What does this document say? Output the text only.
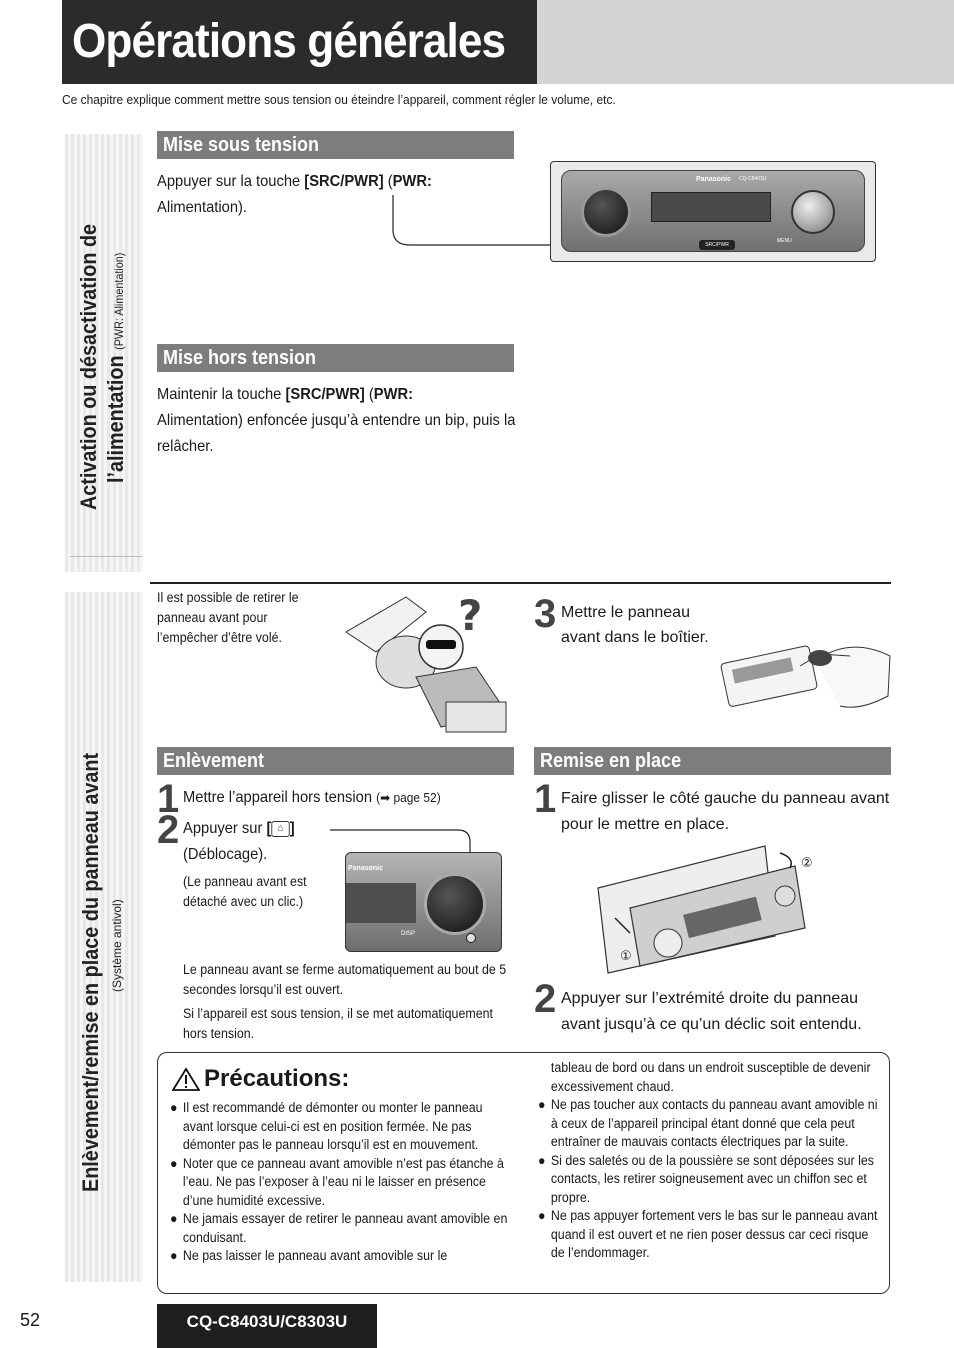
Opérations générales
Ce chapitre explique comment mettre sous tension ou éteindre l’appareil, comment régler le volume, etc.
Activation ou désactivation de l’alimentation (PWR: Alimentation)
Mise sous tension
Appuyer sur la touche [SRC/PWR] (PWR:
Alimentation).
Panasonic CQ-C8403U
SRC/PWR
MENU
Mise hors tension
Maintenir la touche [SRC/PWR] (PWR:
Alimentation) enfoncée jusqu’à entendre un bip, puis la relâcher.
Enlèvement/remise en place du panneau avant (Système antivol)
Il est possible de retirer le panneau avant pour l’empêcher d’être volé.	? 3 Mettre le panneau avant dans le boîtier.
Enlèvement
1 Mettre l’appareil hors tension (➡ page 52)
2 Appuyer sur [ ⌂ ]
(Déblocage).
(Le panneau avant est détaché avec un clic.)
Panasonic
DISP
Le panneau avant se ferme automatiquement au bout de 5 secondes lorsqu’il est ouvert.
Si l’appareil est sous tension, il se met automatiquement hors tension.
Remise en place
1 Faire glisser le côté gauche du panneau avant pour le mettre en place.
②
①
2 Appuyer sur l’extrémité droite du panneau avant jusqu’à ce qu’un déclic soit entendu.
Précautions:
● Il est recommandé de démonter ou monter le panneau avant lorsque celui-ci est en position fermée. Ne pas démonter pas le panneau lorsqu’il est en mouvement.
● Noter que ce panneau avant amovible n’est pas étanche à l’eau. Ne pas l’exposer à l’eau ni le laisser en présence d’une humidité excessive.
● Ne jamais essayer de retirer le panneau avant amovible en conduisant.
● Ne pas laisser le panneau avant amovible sur le
tableau de bord ou dans un endroit susceptible de devenir excessivement chaud.
● Ne pas toucher aux contacts du panneau avant amovible ni à ceux de l’appareil principal étant donné que cela peut entraîner de mauvais contacts électriques par la suite.
● Si des saletés ou de la poussière se sont déposées sur les contacts, les retirer soigneusement avec un chiffon sec et propre.
● Ne pas appuyer fortement vers le bas sur le panneau avant quand il est ouvert et ne rien poser dessus car ceci risque de l’endommager.
52	CQ-C8403U/C8303U
